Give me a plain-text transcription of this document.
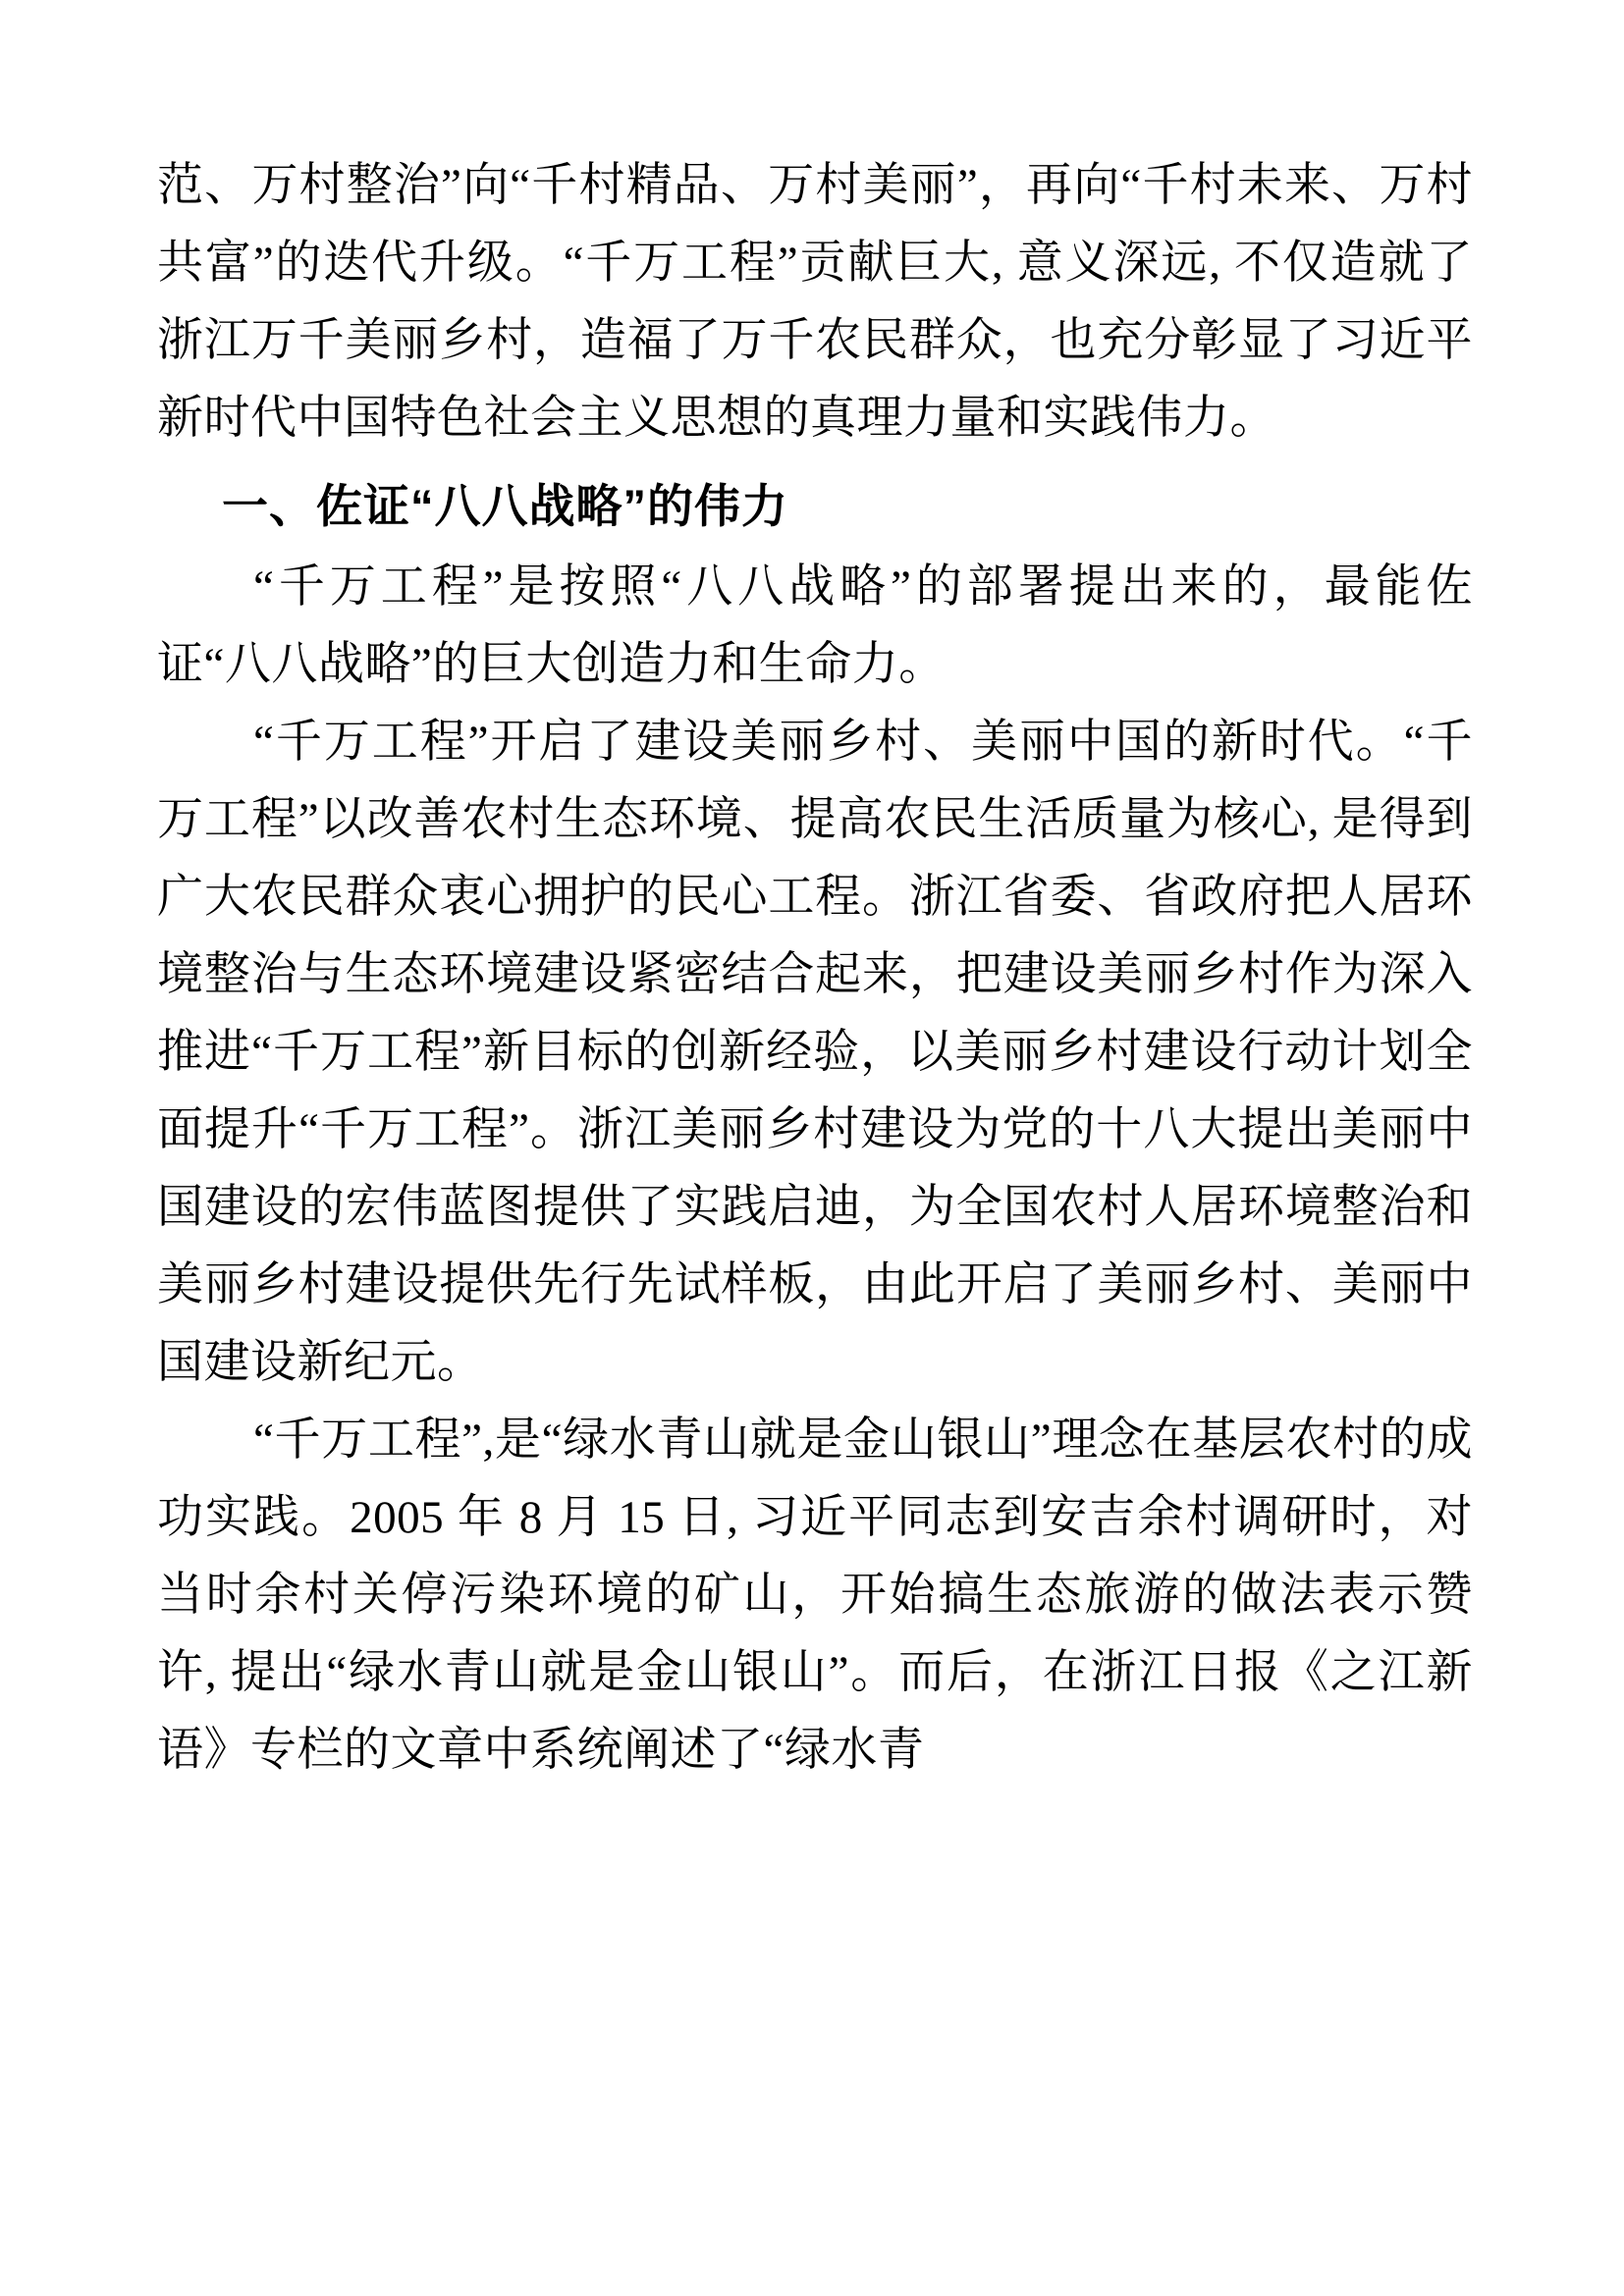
范、万村整治”向“千村精品、万村美丽”，再向“千村未来、万村共富”的迭代升级。“千万工程”贡献巨大, 意义深远, 不仅造就了浙江万千美丽乡村，造福了万千农民群众，也充分彰显了习近平新时代中国特色社会主义思想的真理力量和实践伟力。

一、佐证“八八战略”的伟力

“千万工程”是按照“八八战略”的部署提出来的，最能佐证“八八战略”的巨大创造力和生命力。

“千万工程”开启了建设美丽乡村、美丽中国的新时代。“千万工程”以改善农村生态环境、提高农民生活质量为核心, 是得到广大农民群众衷心拥护的民心工程。浙江省委、省政府把人居环境整治与生态环境建设紧密结合起来，把建设美丽乡村作为深入推进“千万工程”新目标的创新经验，以美丽乡村建设行动计划全面提升“千万工程”。浙江美丽乡村建设为党的十八大提出美丽中国建设的宏伟蓝图提供了实践启迪，为全国农村人居环境整治和美丽乡村建设提供先行先试样板，由此开启了美丽乡村、美丽中国建设新纪元。

“千万工程”,是“绿水青山就是金山银山”理念在基层农村的成功实践。2005 年 8 月 15 日, 习近平同志到安吉余村调研时，对当时余村关停污染环境的矿山，开始搞生态旅游的做法表示赞许, 提出“绿水青山就是金山银山”。而后，在浙江日报《之江新语》专栏的文章中系统阐述了“绿水青
